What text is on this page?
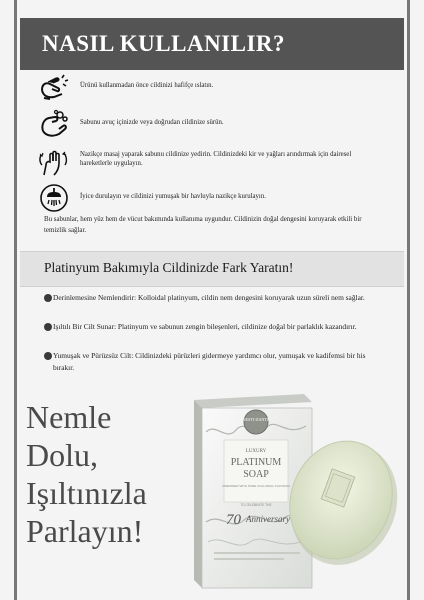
NASIL KULLANILIR?
Ürünü kullanmadan önce cildinizi hafifçe ıslatın.
Sabunu avuç içinizde veya doğrudan cildinize sürün.
Nazikçe masaj yaparak sabunu cildinize yedirin. Cildinizdeki kir ve yağları arındırmak için dairesel hareketlerle uygulayın.
İyice durulayın ve cildinizi yumuşak bir havluyla nazikçe kurulayın.
Bu sabunlar, hem yüz hem de vücut bakımında kullanıma uygundur. Cildinizin doğal dengesini koruyarak etkili bir temizlik sağlar.
Platinyum Bakımıyla Cildinizde Fark Yaratın!
Derinlemesine Nemlendirir: Kolloidal platinyum, cildin nem dengesini koruyarak uzun süreli nem sağlar.
Işıltılı Bir Cilt Sunar: Platinyum ve sabunun zengin bileşenleri, cildinize doğal bir parlaklık kazandırır.
Yumuşak ve Pürüzsüz Cilt: Cildinizdeki pürüzleri gidermeye yardımcı olur, yumuşak ve kadifemsi bir his bırakır.
Nemle
Dolu,
Işıltınızla
Parlayın!
NESTI DANTE
LUXURY
PLATINUM
SOAP
PREPARED WITH PURE COLLOIDAL PLATINUM
TO CELEBRATE THE
70 Anniversary
